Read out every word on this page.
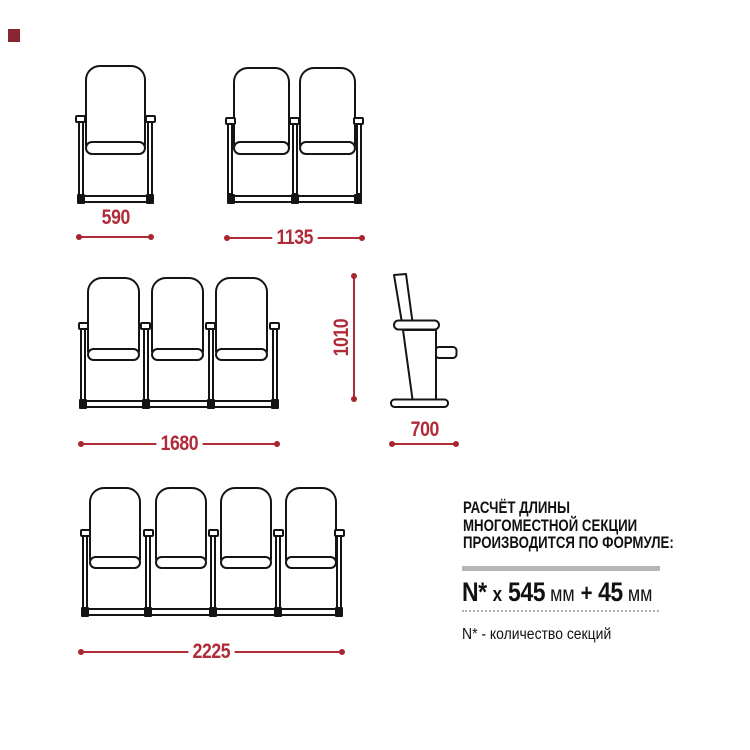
590
1135
1680
1010
700
2225
РАСЧЁТ ДЛИНЫ
МНОГОМЕСТНОЙ СЕКЦИИ
ПРОИЗВОДИТСЯ ПО ФОРМУЛЕ:
N* x 545 мм + 45 мм
N* - количество секций
